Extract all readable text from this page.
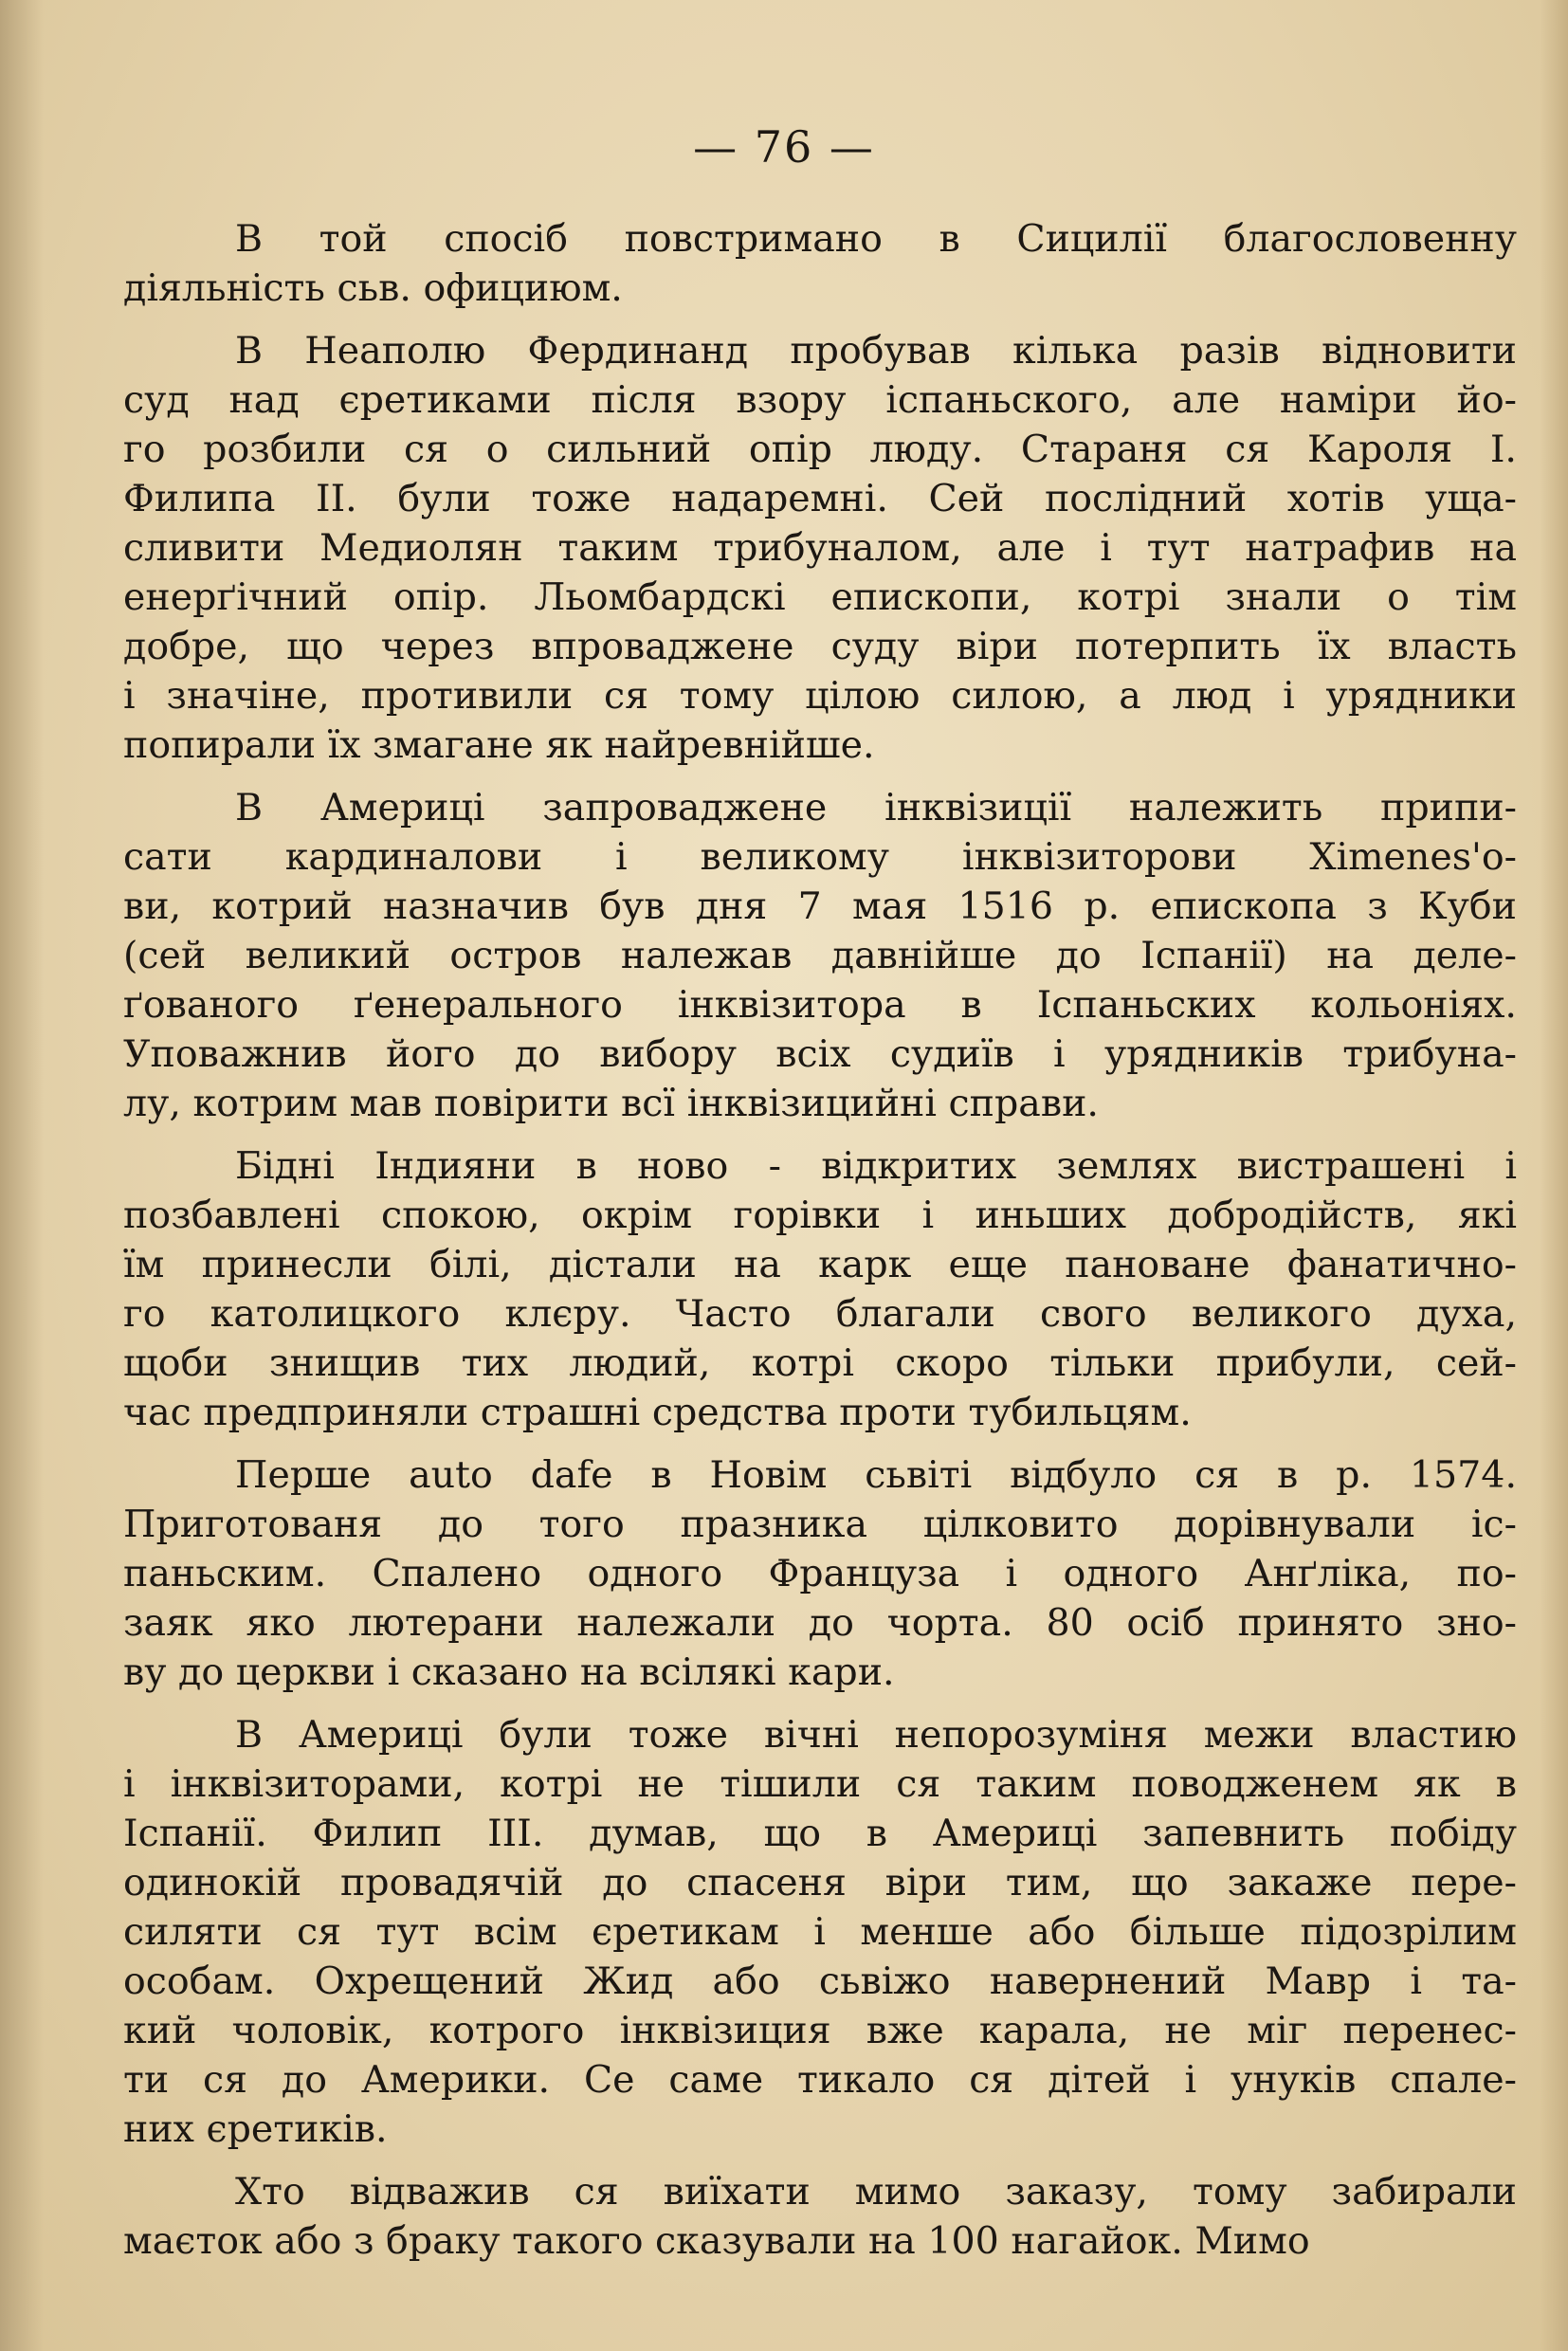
— 76 —
В той спосіб повстримано в Сицилії благословенну
діяльність сьв. официюм.
В Неаполю Фердинанд пробував кілька разів відновити
суд над єретиками після взору іспаньского, але наміри йо-
го розбили ся о сильний опір люду. Стараня ся Кароля І.
Филипа ІІ. були тоже надаремні. Сей послідний хотів ущa-
сливити Медиолян таким трибуналом, але і тут натрафив на
енерґічний опір. Льомбардскі епископи, котрі знали о тім
добре, що через впроваджене суду віри потерпить їх власть
і значіне, противили ся тому цілою силою, а люд і урядники
попирали їх змагане як найревнійше.
В Америці запроваджене інквізиції належить припи-
сати кардиналови і великому інквізиторови Ximenes'o-
ви, котрий назначив був дня 7 мая 1516 р. епископа з Куби
(сей великий остров належав давнійше до Іспанії) на деле-
ґованого ґенерального інквізитора в Іспаньских кольоніях.
Уповажнив його до вибору всіх судиїв і урядників трибуна-
лу, котрим мав повірити всї інквізицийні справи.
Бідні Індияни в ново - відкритих землях вистрашені і
позбавлені спокою, окрім горівки і иньших добродійств, які
їм принесли білі, дістали на карк еще пановане фанатично-
го католицкого клєру. Часто благали свого великого духа,
щоби знищив тих людий, котрі скоро тільки прибули, сей-
час предприняли страшні средства проти тубильцям.
Перше auto dafe в Новім сьвіті відбуло ся в р. 1574.
Приготованя до того празника цілковито дорівнували іс-
паньским. Спалено одного Француза і одного Анґліка, по-
заяк яко лютерани належали до чорта. 80 осіб принято зно-
ву до церкви і сказано на всілякі кари.
В Америці були тоже вічні непорозуміня межи властию
і інквізиторами, котрі не тішили ся таким поводженем як в
Іспанії. Филип III. думав, що в Америці запевнить побіду
одинокій провадячій до спасеня віри тим, що закаже пере-
силяти ся тут всім єретикам і менше або більше підозрілим
особам. Охрещений Жид або сьвіжо навернений Мавр і та-
кий чоловік, котрого інквізиция вже карала, не міг перенес-
ти ся до Америки. Се саме тикало ся дітей і унуків спале-
них єретиків.
Хто відважив ся виїхати мимо заказу, тому забирали
маєток або з браку такого сказували на 100 нагайок. Мимо
